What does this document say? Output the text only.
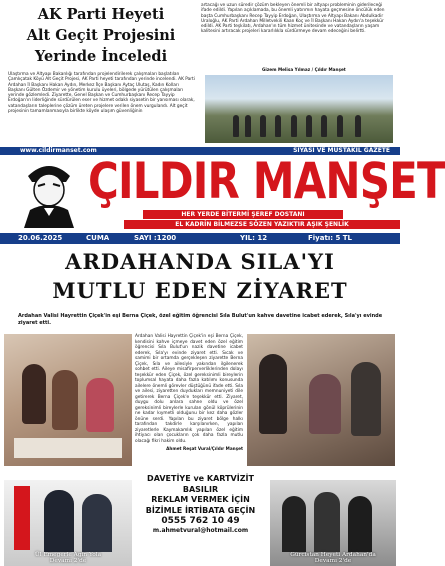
AK Parti Heyeti
Alt Geçit Projesini
Yerinde İnceledi
Ulaştırma ve Altyapı Bakanlığı tarafından projelendirilerek çalışmaları başlatılan Çamlıçatak Köyü Alt Geçit Projesi, AK Parti heyeti tarafından yerinde incelendi. AK Parti Ardahan İl Başkanı Hakan Aydın, Merkez İlçe Başkanı Aytaç Ulutaş, Kadın Kolları Başkanı Gülten Özdemir ve yönetim kurulu üyeleri, bölgede yürütülen çalışmaları yerinde gözlemledi. Ziyarette, Genel Başkan ve Cumhurbaşkanı Recep Tayyip Erdoğan'ın liderliğinde sürdürülen eser ve hizmet odaklı siyasetin bir yansıması olarak, vatandaşların taleplerine çözüm üreten projelere verilen önem vurgulandı. Alt geçit projesinin tamamlanmasıyla birlikte köyde ulaşım güvenliğinin
artacağı ve uzun süredir çözüm bekleyen önemli bir altyapı probleminin giderileceği ifade edildi. Yapılan açıklamada, bu önemli yatırımın hayata geçmesine öncülük eden başta Cumhurbaşkanı Recep Tayyip Erdoğan, Ulaştırma ve Altyapı Bakanı Abdulkadir Uraloğlu, AK Parti Ardahan Milletvekili Kaan Koç ve İl Başkanı Hakan Aydın'a teşekkür edildi. AK Parti teşkilatı, Ardahan'ın tüm hizmet ünitesinde ve vatandaşların yaşam kalitesini artıracak projeleri kararlılıkla sürdürmeye devam edeceğini belirtti.
Gizem Melisa Yılmaz / Çıldır Manşet
www.cildirmanset.com	SİYASİ VE MÜSTAKİL GAZETE
ÇILDIR MANŞET
HER YERDE BİTERMİ ŞEREF DOSTANI
EL KADRİN BİLMEZSE SÖZEN YAZIKTIR AŞIK ŞENLİK
20.06.2025	CUMA	SAYI :1200	YIL: 12	Fiyatı: 5 TL
ARDAHANDA SILA'YI
MUTLU EDEN ZİYARET
Ardahan Valisi Hayrettin Çiçek'in eşi Berna Çiçek, özel eğitim öğrencisi Sıla Bulut'un kahve davetine icabet ederek, Sıla'yı evinde ziyaret etti.
Ardahan Valisi Hayrettin Çiçek'in eşi Berna Çiçek, kendisini kahve içmeye davet eden özel eğitim öğrencisi Sıla Bulut'un nazik davetine icabet ederek, Sıla'yı evinde ziyaret etti. Sıcak ve samimi bir ortamda gerçekleşen ziyarette Berna Çiçek, Sıla ve ailesiyle yakından ilgilenerek sohbet etti. Aileye misafirperverliklerinden dolayı teşekkür eden Çiçek, özel gereksinimli bireylerin toplumsal hayata daha fazla katılımı konusunda ailelere önemli görevler düştüğünü ifade etti. Sıla ve ailesi, ziyaretten duydukları memnuniyeti dile getirerek Berna Çiçek'e teşekkür etti. Ziyaret, duygu dolu anlara sahne oldu ve özel gereksinimli bireylerle kurulan gönül köprülerinin ne kadar kıymetli olduğunu bir kez daha gözler önüne serdi. Yapılan bu ziyaret bölge halkı tarafından takdirle karşılanırken, yapılan ziyaretlerle Kaymakamlık yapılan özel eğitim ihtiyacı olan çocukların çok daha fazla mutlu olacağı fikri hakim oldu.
Ahmet Reşat Vural/Çıldır Manşet
Ül Emegerle Agin Yola
Devamı 2'de
DAVETİYE ve KARTVİZİT
BASILIR
REKLAM VERMEK İÇİN
BİZİMLE İRTİBATA GEÇİN
0555 762 10 49
m.ahmetvural@hotmail.com
Gürcistan Heyeti Ardahan'da
Devamı 2'de
